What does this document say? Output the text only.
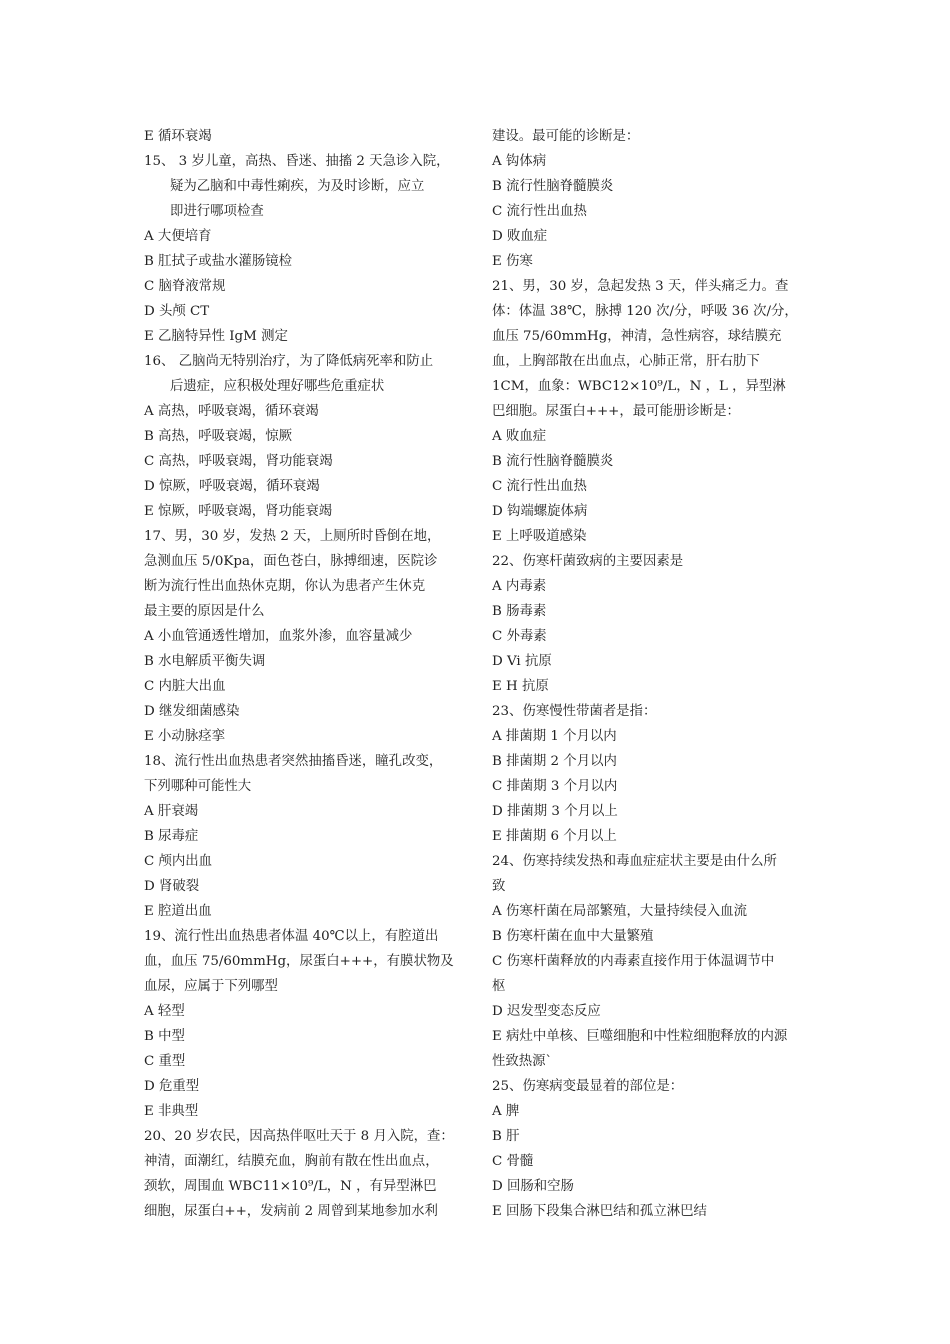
E 循环衰竭
15、 3 岁儿童，高热、昏迷、抽搐 2 天急诊入院，
疑为乙脑和中毒性痢疾，为及时诊断，应立
即进行哪项检查
A 大便培育
B 肛拭子或盐水灌肠镜检
C 脑脊液常规
D 头颅 CT
E 乙脑特异性 IgM 测定
16、 乙脑尚无特别治疗，为了降低病死率和防止
后遗症，应积极处理好哪些危重症状
A 高热，呼吸衰竭，循环衰竭
B 高热，呼吸衰竭，惊厥
C 高热，呼吸衰竭，肾功能衰竭
D 惊厥，呼吸衰竭，循环衰竭
E 惊厥，呼吸衰竭，肾功能衰竭
17、男，30 岁，发热 2 天，上厕所时昏倒在地，
急测血压 5/0Kpa，面色苍白，脉搏细速，医院诊
断为流行性出血热休克期，你认为患者产生休克
最主要的原因是什么
A 小血管通透性增加，血浆外渗，血容量减少
B 水电解质平衡失调
C 内脏大出血
D 继发细菌感染
E 小动脉痉挛
18、流行性出血热患者突然抽搐昏迷，瞳孔改变，
下列哪种可能性大
A 肝衰竭
B 尿毒症
C 颅内出血
D 肾破裂
E 腔道出血
19、流行性出血热患者体温 40℃以上，有腔道出
血，血压 75/60mmHg，尿蛋白+++，有膜状物及
血尿，应属于下列哪型
A 轻型
B 中型
C 重型
D 危重型
E 非典型
20、20 岁农民，因高热伴呕吐天于 8 月入院，查：
神清，面潮红，结膜充血，胸前有散在性出血点，
颈软，周围血 WBC11×10⁹/L，N ，有异型淋巴
细胞，尿蛋白++，发病前 2 周曾到某地参加水利
建设。最可能的诊断是：
A 钩体病
B 流行性脑脊髓膜炎
C 流行性出血热
D 败血症
E 伤寒
21、男，30 岁，急起发热 3 天，伴头痛乏力。查
体：体温 38℃，脉搏 120 次/分，呼吸 36 次/分，
血压 75/60mmHg，神清，急性病容，球结膜充
血，上胸部散在出血点，心肺正常，肝右肋下
1CM，血象：WBC12×10⁹/L，N ，L ，异型淋
巴细胞。尿蛋白+++，最可能册诊断是：
A 败血症
B 流行性脑脊髓膜炎
C 流行性出血热
D 钩端螺旋体病
E 上呼吸道感染
22、伤寒杆菌致病的主要因素是
A 内毒素
B 肠毒素
C 外毒素
D Vi 抗原
E H 抗原
23、伤寒慢性带菌者是指：
A 排菌期 1 个月以内
B 排菌期 2 个月以内
C 排菌期 3 个月以内
D 排菌期 3 个月以上
E 排菌期 6 个月以上
24、伤寒持续发热和毒血症症状主要是由什么所
致
A 伤寒杆菌在局部繁殖，大量持续侵入血流
B 伤寒杆菌在血中大量繁殖
C 伤寒杆菌释放的内毒素直接作用于体温调节中
枢
D 迟发型变态反应
E 病灶中单核、巨噬细胞和中性粒细胞释放的内源
性致热源`
25、伤寒病变最显着的部位是：
A 脾
B 肝
C 骨髓
D 回肠和空肠
E 回肠下段集合淋巴结和孤立淋巴结
